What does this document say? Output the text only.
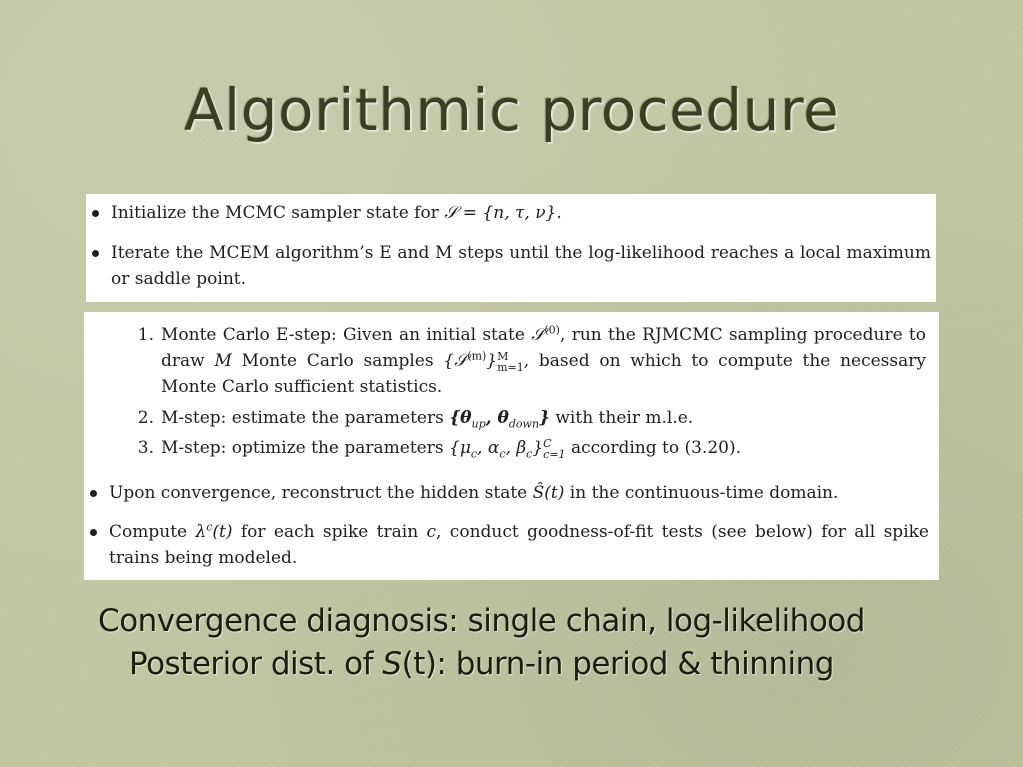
Algorithmic procedure
Initialize the MCMC sampler state for 𝒮 = {n, τ, ν}.
Iterate the MCEM algorithm’s E and M steps until the log-likelihood reaches a local maximum or saddle point.
1. Monte Carlo E-step: Given an initial state 𝒮$^{(0)}$, run the RJMCMC sampling procedure to draw M Monte Carlo samples {𝒮$^{(m)}$} M
m=1 , based on which to compute the necessary Monte Carlo sufficient statistics.
2. M-step: estimate the parameters {$\theta_{up}$, $\theta_{down}$} with their m.l.e.
3. M-step: optimize the parameters {$\mu_c$, $\alpha_c$, $\beta_c$} C
c=1 according to (3.20).
Upon convergence, reconstruct the hidden state Ŝ(t) in the continuous-time domain.
Compute $\lambda^c(t)$ for each spike train c, conduct goodness-of-fit tests (see below) for all spike trains being modeled.
Convergence diagnosis: single chain, log-likelihood
Posterior dist. of S(t): burn-in period & thinning
